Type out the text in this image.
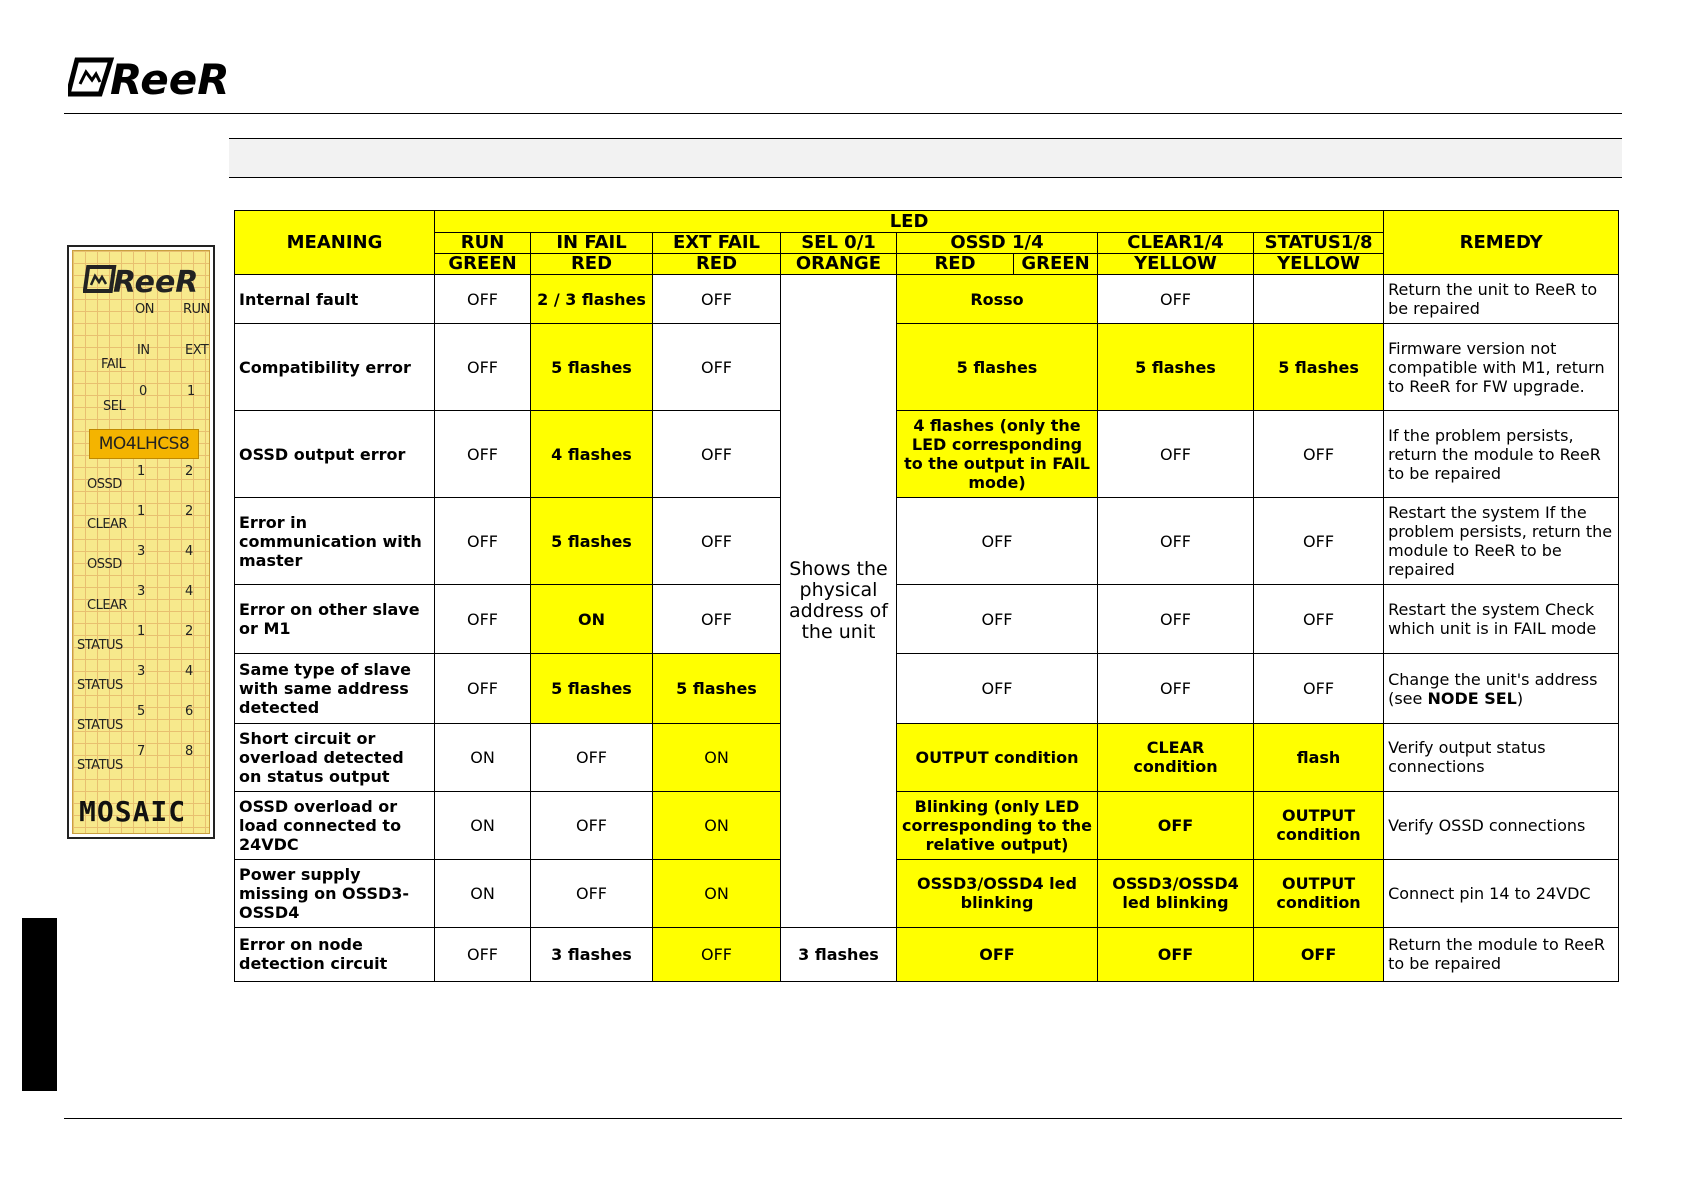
ReeR
ReeR
ON RUN
IN	EXT
FAIL
0	1
SEL
MO4LHCS8
1	2
OSSD
1	2
CLEAR
3	4
OSSD
3	4
CLEAR
1	2
STATUS
3	4
STATUS
5	6
STATUS
7	8
STATUS
MOSAIC
MEANING	LED								REMEDY
	RUN	IN FAIL	EXT FAIL	SEL 0/1	OSSD 1/4		CLEAR1/4	STATUS1/8	
	GREEN	RED	RED	ORANGE	RED	GREEN	YELLOW	YELLOW	
Internal fault	OFF	2 / 3 flashes	OFF	Shows the physical address of the unit	Rosso		OFF		Return the unit to ReeR to be repaired
Compatibility error	OFF	5 flashes	OFF		5 flashes		5 flashes	5 flashes	Firmware version not compatible with M1, return to ReeR for FW upgrade.
OSSD output error	OFF	4 flashes	OFF		4 flashes (only the LED corresponding to the output in FAIL mode)		OFF	OFF	If the problem persists, return the module to ReeR to be repaired
Error in communication with master	OFF	5 flashes	OFF		OFF		OFF	OFF	Restart the system If the problem persists, return the module to ReeR to be repaired
Error on other slave or M1	OFF	ON	OFF		OFF		OFF	OFF	Restart the system Check which unit is in FAIL mode
Same type of slave with same address detected	OFF	5 flashes	5 flashes		OFF		OFF	OFF	Change the unit's address (see NODE SEL)
Short circuit or overload detected on status output	ON	OFF	ON		OUTPUT condition		CLEAR condition	flash	Verify output status connections
OSSD overload or load connected to 24VDC	ON	OFF	ON		Blinking (only LED corresponding to the relative output)		OFF	OUTPUT condition	Verify OSSD connections
Power supply missing on OSSD3-OSSD4	ON	OFF	ON		OSSD3/OSSD4 led blinking		OSSD3/OSSD4 led blinking	OUTPUT condition	Connect pin 14 to 24VDC
Error on node detection circuit	OFF	3 flashes	OFF	3 flashes	OFF		OFF	OFF	Return the module to ReeR to be repaired
